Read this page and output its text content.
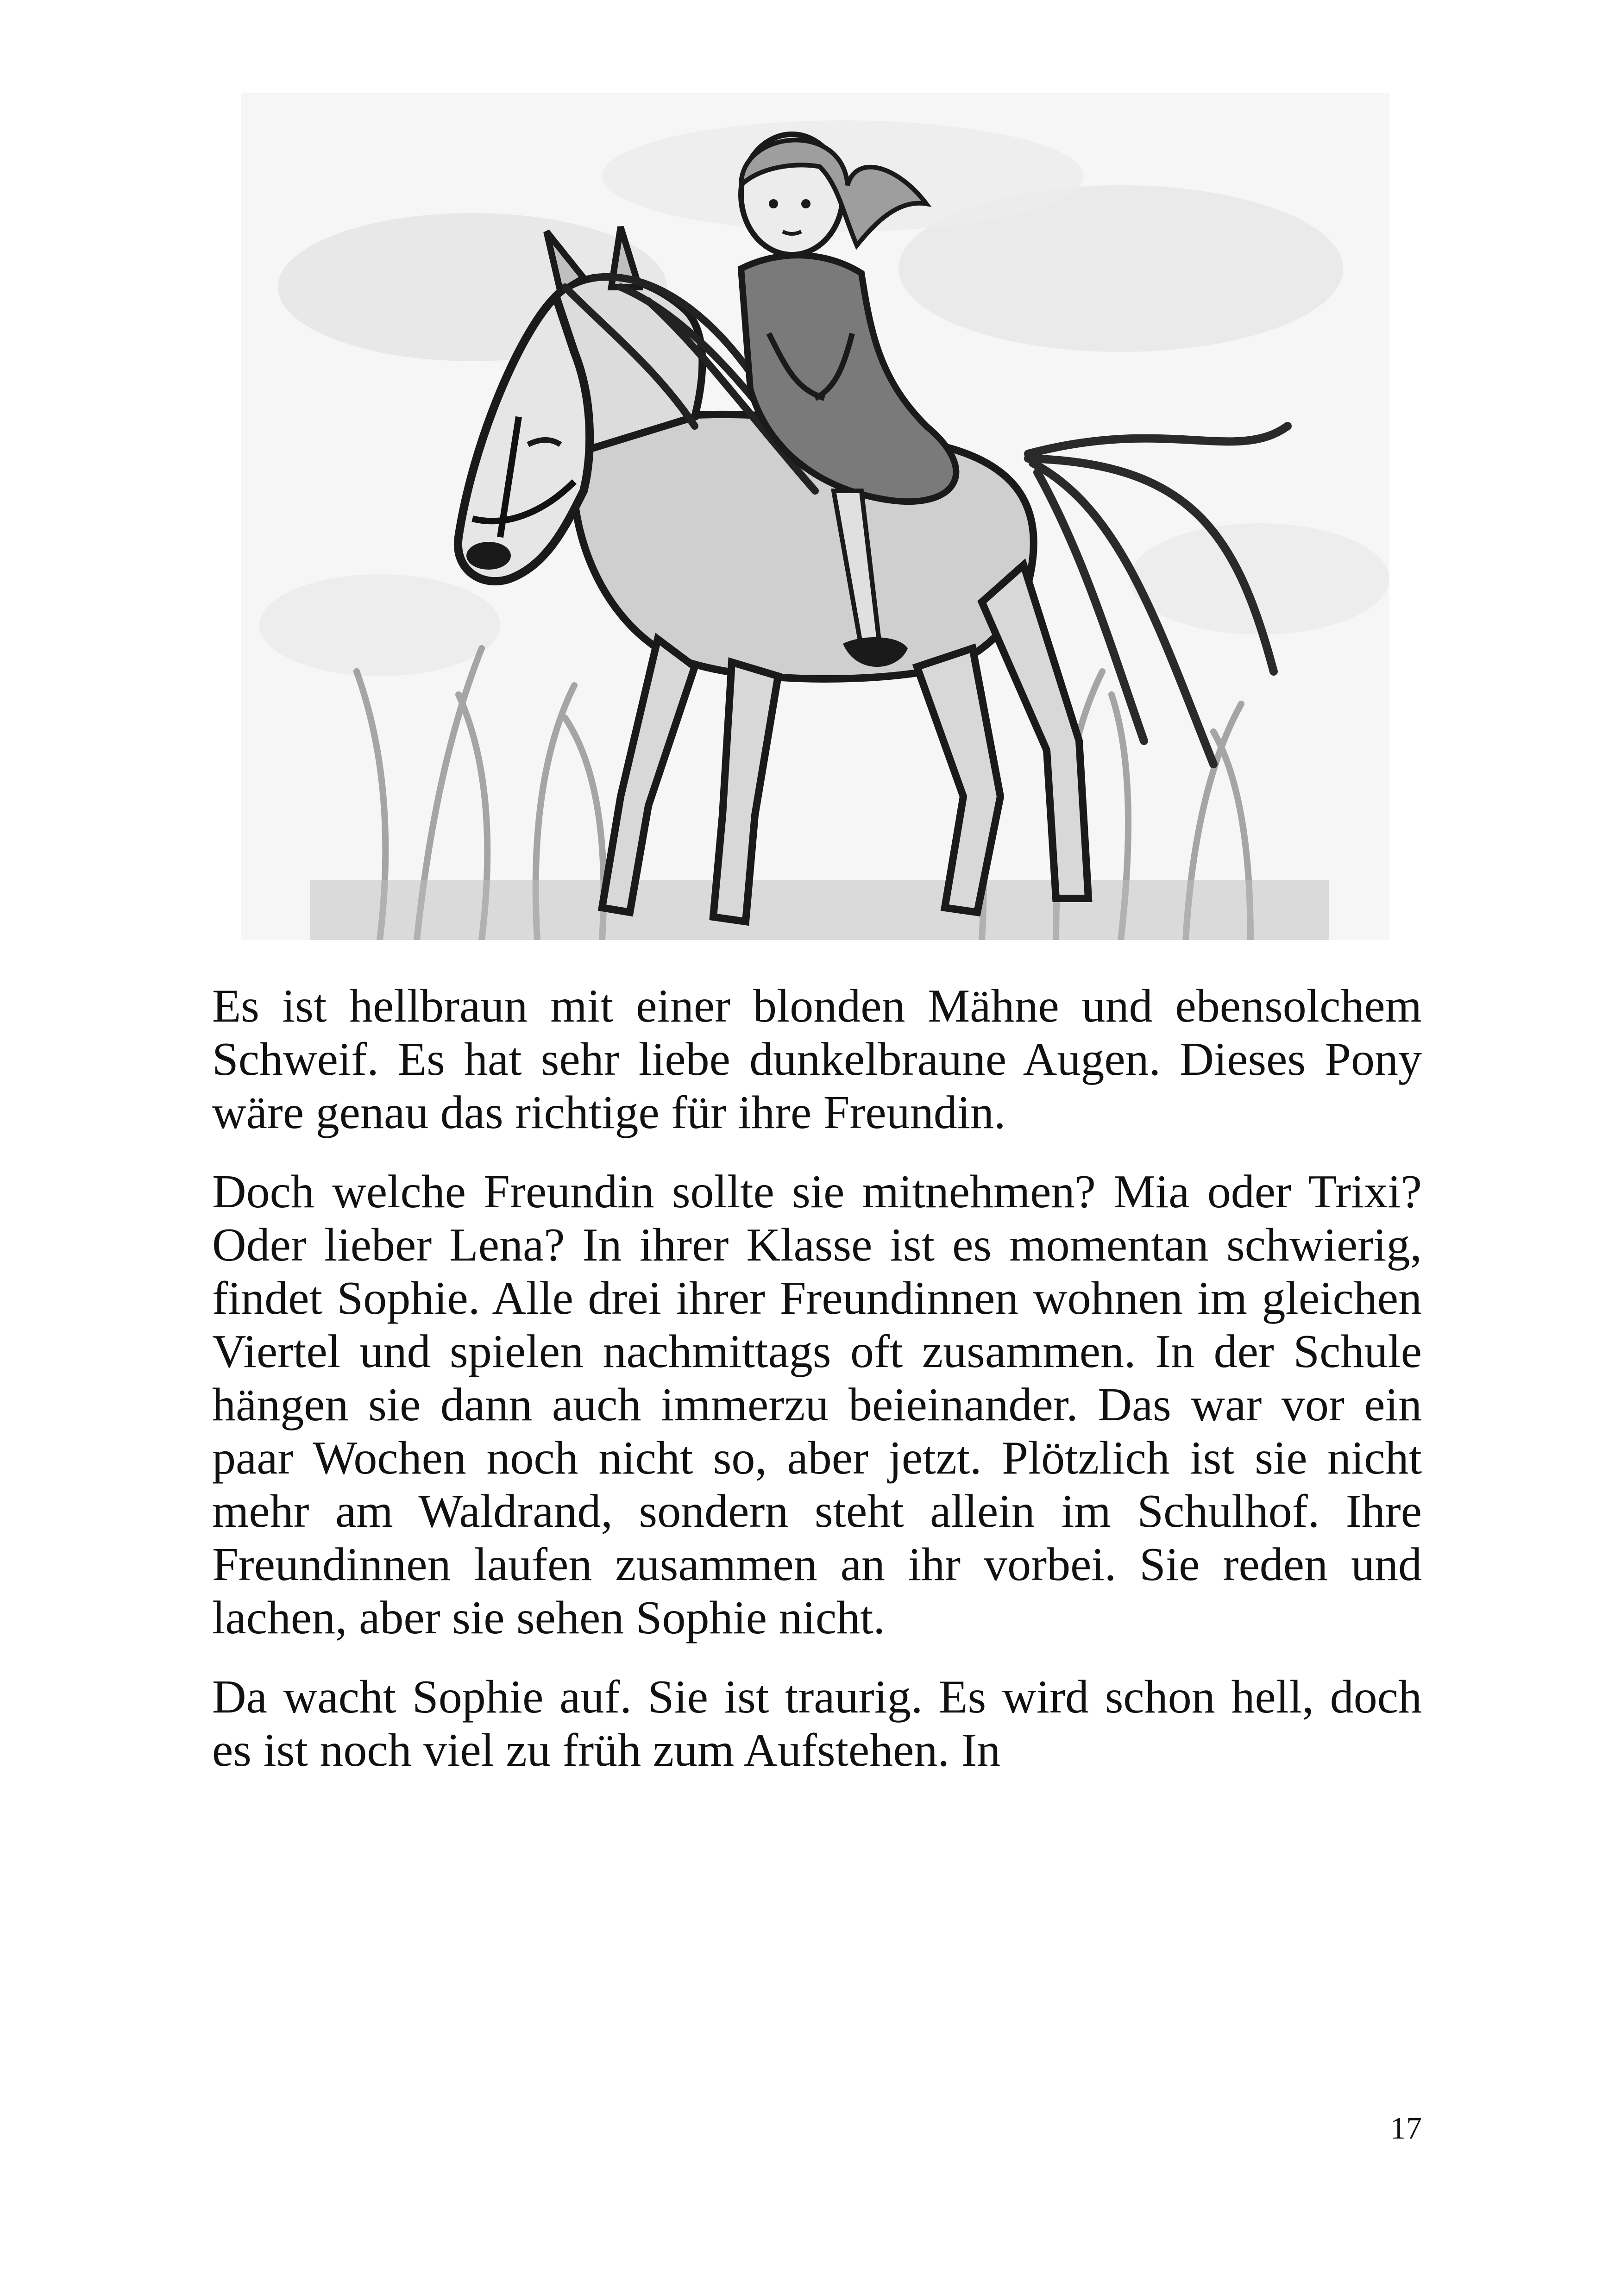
Es ist hellbraun mit einer blonden Mähne und ebensolchem Schweif. Es hat sehr liebe dunkelbraune Augen. Dieses Pony wäre genau das richtige für ihre Freundin.

Doch welche Freundin sollte sie mitnehmen? Mia oder Trixi? Oder lieber Lena? In ihrer Klasse ist es momentan schwierig, findet Sophie. Alle drei ihrer Freundinnen wohnen im gleichen Viertel und spielen nachmittags oft zusammen. In der Schule hängen sie dann auch immerzu beieinander. Das war vor ein paar Wochen noch nicht so, aber jetzt. Plötzlich ist sie nicht mehr am Waldrand, sondern steht allein im Schulhof. Ihre Freundinnen laufen zusammen an ihr vorbei. Sie reden und lachen, aber sie sehen Sophie nicht.

Da wacht Sophie auf. Sie ist traurig. Es wird schon hell, doch es ist noch viel zu früh zum Aufstehen. In

17
